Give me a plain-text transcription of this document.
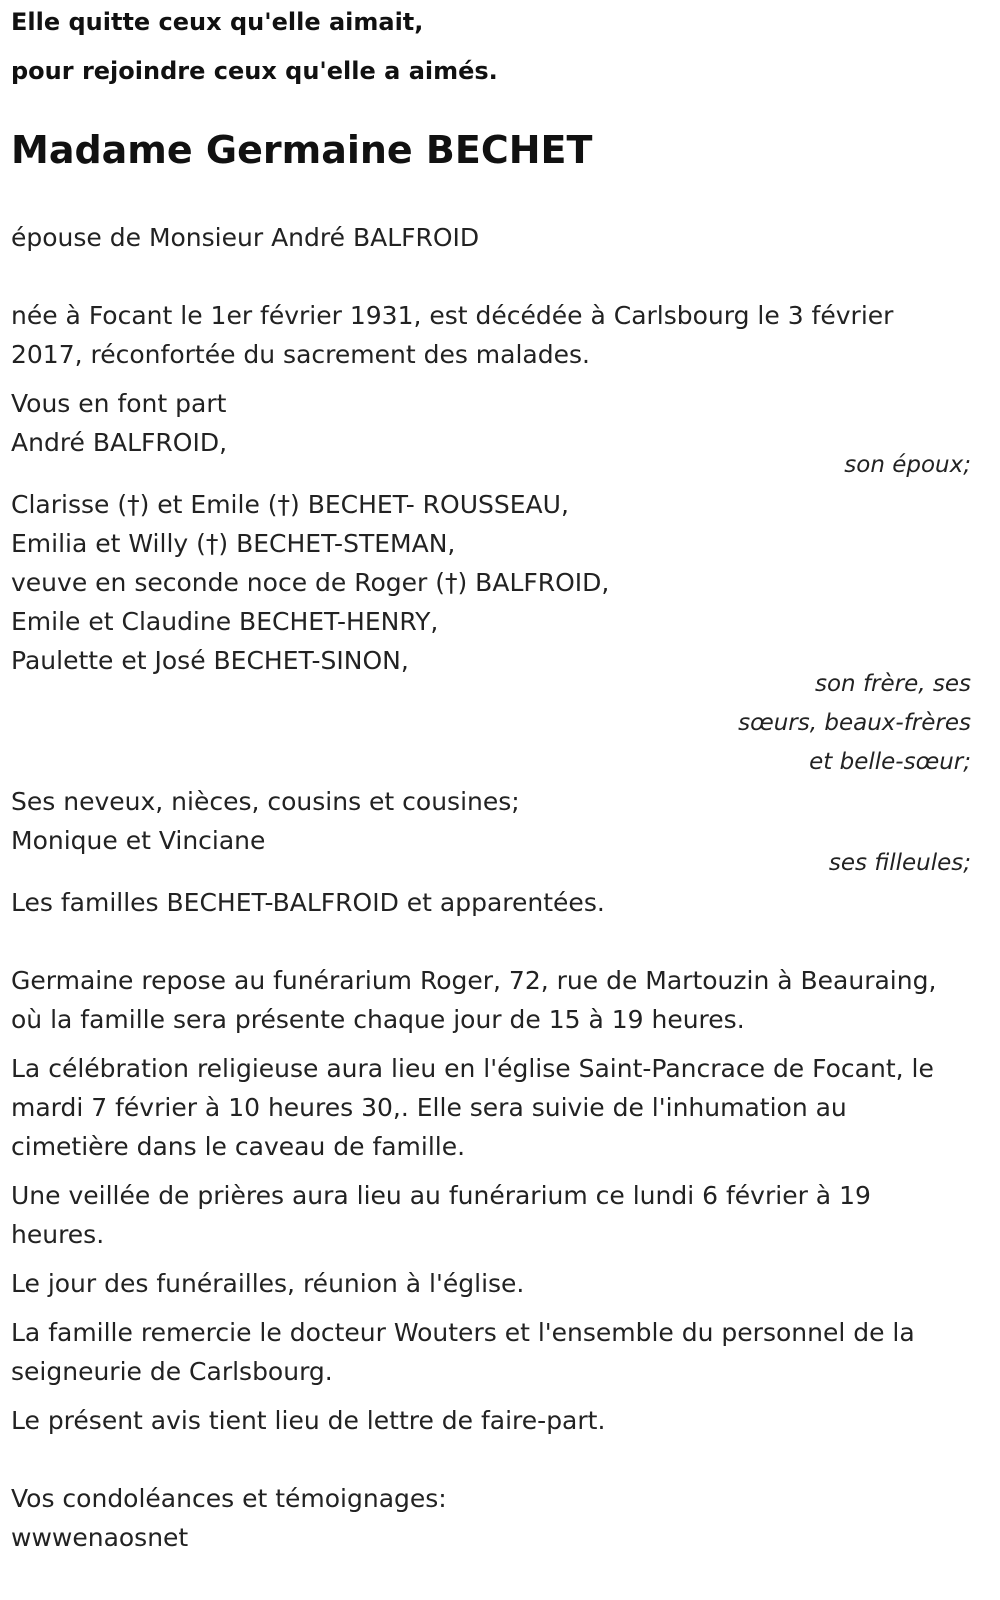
Elle quitte ceux qu'elle aimait,
pour rejoindre ceux qu'elle a aimés.
Madame Germaine BECHET
épouse de Monsieur André BALFROID
née à Focant le 1er février 1931, est décédée à Carlsbourg le 3 février
2017, réconfortée du sacrement des malades.
Vous en font part
André BALFROID,
son époux;
Clarisse (†) et Emile (†) BECHET- ROUSSEAU,
Emilia et Willy (†) BECHET-STEMAN,
veuve en seconde noce de Roger (†) BALFROID,
Emile et Claudine BECHET-HENRY,
Paulette et José BECHET-SINON,
son frère, ses
sœurs, beaux-frères
et belle-sœur;
Ses neveux, nièces, cousins et cousines;
Monique et Vinciane
ses filleules;
Les familles BECHET-BALFROID et apparentées.
Germaine repose au funérarium Roger, 72, rue de Martouzin à Beauraing,
où la famille sera présente chaque jour de 15 à 19 heures.
La célébration religieuse aura lieu en l'église Saint-Pancrace de Focant, le
mardi 7 février à 10 heures 30,. Elle sera suivie de l'inhumation au
cimetière dans le caveau de famille.
Une veillée de prières aura lieu au funérarium ce lundi 6 février à 19
heures.
Le jour des funérailles, réunion à l'église.
La famille remercie le docteur Wouters et l'ensemble du personnel de la
seigneurie de Carlsbourg.
Le présent avis tient lieu de lettre de faire-part.
Vos condoléances et témoignages:
wwwenaosnet
